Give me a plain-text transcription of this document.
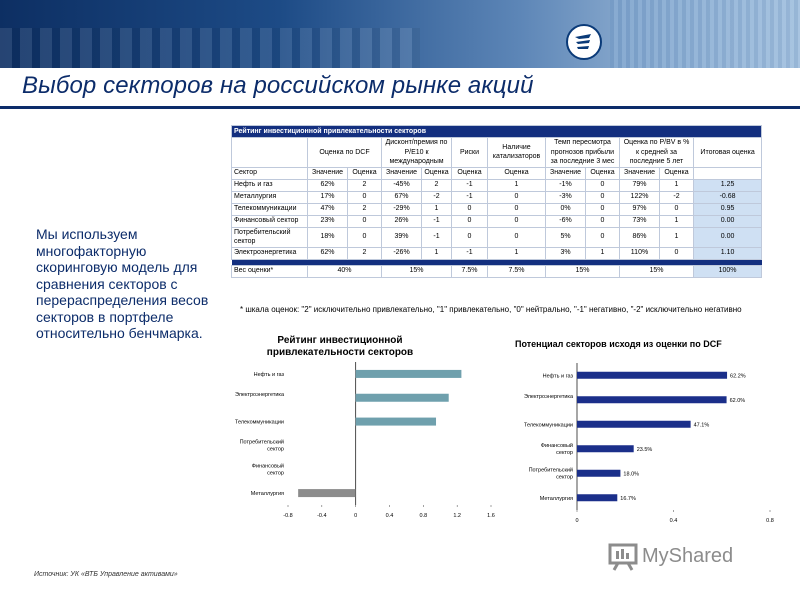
Выбор секторов на российском рынке акций
Мы используем многофакторную скоринговую модель для сравнения секторов с перераспределения весов секторов в портфеле относительно бенчмарка.
Рейтинг инвестиционной привлекательности секторов											
	Оценка по DCF		Дисконт/премия по P/E10 к международным		Риски	Наличие катализаторов	Темп пересмотра прогнозов прибыли за последние 3 мес		Оценка по P/BV в % к средней за последние 5 лет		Итоговая оценка
Сектор	Значение	Оценка	Значение	Оценка	Оценка	Оценка	Значение	Оценка	Значение	Оценка	
Нефть и газ	62%	2	-45%	2	-1	1	-1%	0	79%	1	1.25
Металлургия	17%	0	67%	-2	-1	0	-3%	0	122%	-2	-0.68
Телекоммуникации	47%	2	-29%	1	0	0	0%	0	97%	0	0.95
Финансовый сектор	23%	0	26%	-1	0	0	-6%	0	73%	1	0.00
Потребительский сектор	18%	0	39%	-1	0	0	5%	0	86%	1	0.00
Электроэнергетика	62%	2	-26%	1	-1	1	3%	1	110%	0	1.10

Вес оценки*	40%		15%		7.5%	7.5%	15%		15%		100%
* шкала оценок: "2" исключительно привлекательно, "1" привлекательно, "0" нейтрально, "-1" негативно, "-2" исключительно негативно
Рейтинг инвестиционной привлекательности секторов
Нефть и газ
Электроэнергетика
Телекоммуникации
Потребительский сектор
Финансовый сектор
Металлургия
-0.8	-0.4	0	0.4	0.8	1.2	1.6
Потенциал секторов исходя из оценки по DCF
Нефть и газ	62.2%
Электроэнергетика
62.0%
Телекоммуникации	47.1%
Финансовый сектор	23.5%
Потребительский сектор	18.0%
Металлургия	16.7%
0	0.4	0.8
Источник: УК «ВТБ Управление активами»
MyShared
